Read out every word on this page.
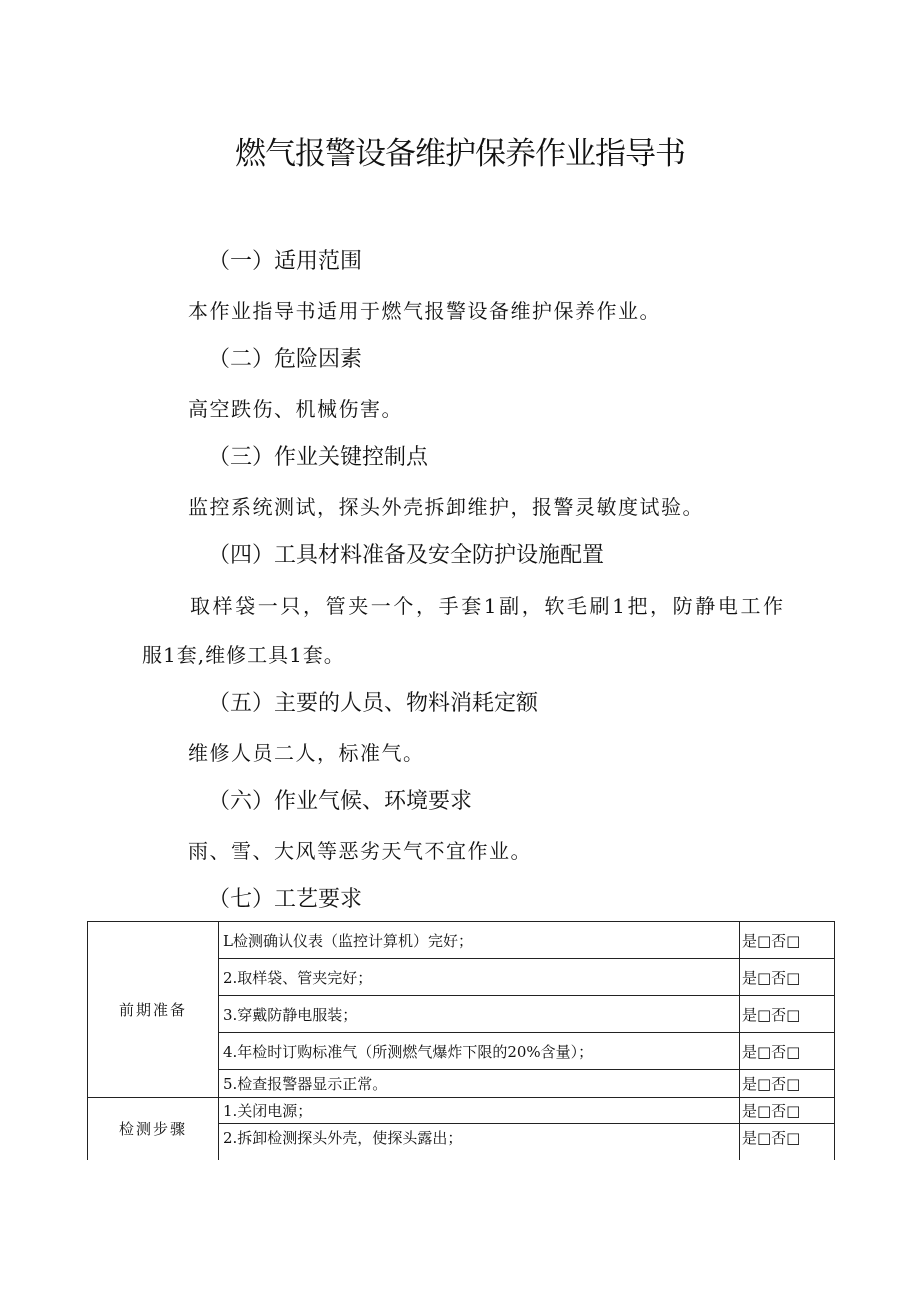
燃气报警设备维护保养作业指导书
（一）适用范围
本作业指导书适用于燃气报警设备维护保养作业。
（二）危险因素
高空跌伤、机械伤害。
（三）作业关键控制点
监控系统测试，探头外壳拆卸维护，报警灵敏度试验。
（四）工具材料准备及安全防护设施配置
取样袋一只，管夹一个，手套1副，软毛刷1把，防静电工作
服1套,维修工具1套。
（五）主要的人员、物料消耗定额
维修人员二人，标准气。
（六）作业气候、环境要求
雨、雪、大风等恶劣天气不宜作业。
（七）工艺要求
前期准备	L检测确认仪表（监控计算机）完好；	是□否□
	2.取样袋、管夹完好；	是□否□
	3.穿戴防静电服装；	是□否□
	4.年检时订购标准气（所测燃气爆炸下限的20%含量）；	是□否□
	5.检查报警器显示正常。	是□否□
检测步骤	1.关闭电源；	是□否□
	2.拆卸检测探头外壳，使探头露出；	是□否□
